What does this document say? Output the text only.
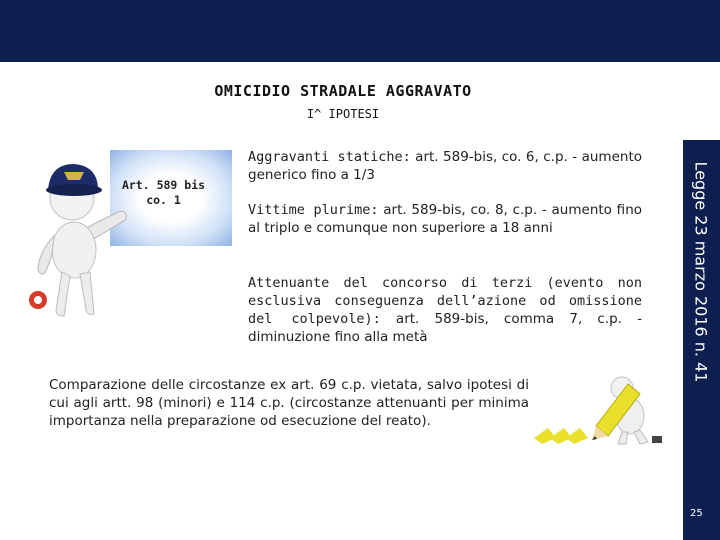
OMICIDIO STRADALE AGGRAVATO
I^ IPOTESI
Legge 23 marzo 2016 n. 41
Art. 589 bis co. 1
Aggravanti statiche: art. 589-bis, co. 6, c.p. - aumento generico fino a 1/3
Vittime plurime: art. 589-bis, co. 8, c.p. - aumento fino al triplo e comunque non superiore a 18 anni
Attenuante del concorso di terzi (evento non esclusiva conseguenza dell’azione od omissione del colpevole): art. 589-bis, comma 7, c.p. - diminuzione fino alla metà
Comparazione delle circostanze ex art. 69 c.p. vietata, salvo ipotesi di cui agli artt. 98 (minori) e 114 c.p. (circostanze attenuanti per minima importanza nella preparazione od esecuzione del reato).
25
